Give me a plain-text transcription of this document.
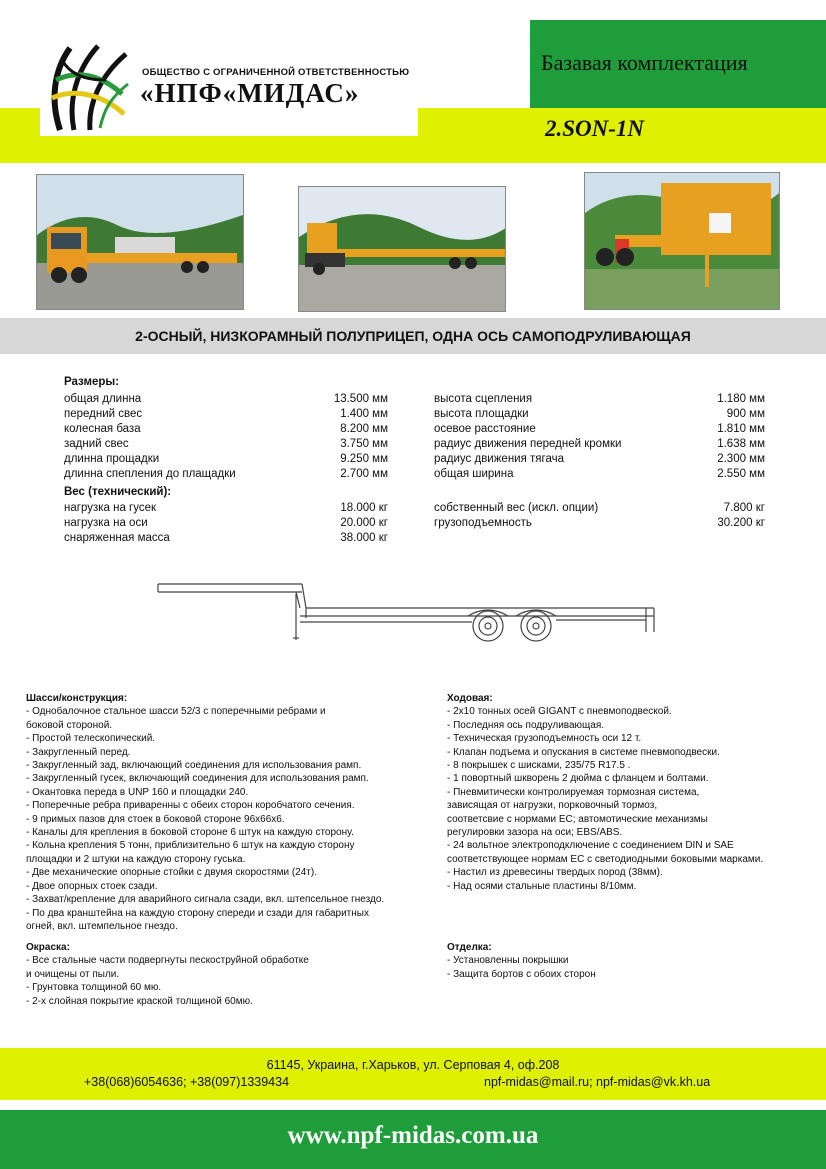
ОБЩЕСТВО С ОГРАНИЧЕННОЙ ОТВЕТСТВЕННОСТЬЮ
«НПФ«МИДАС»
Базавая комплектация
2.SON-1N
2-ОСНЫЙ, НИЗКОРАМНЫЙ ПОЛУПРИЦЕП, ОДНА ОСЬ САМОПОДРУЛИВАЮЩАЯ
Размеры:
общая длинна	13.500 мм
передний свес	1.400 мм
колесная база	8.200 мм
задний свес	3.750 мм
длинна прощадки	9.250 мм
длинна спепления до плащадки	2.700 мм
высота сцепления	1.180 мм
высота площадки	900 мм
осевое расстояние	1.810 мм
радиус движения передней кромки	1.638 мм
радиус движения тягача	2.300 мм
общая ширина	2.550 мм
Вес (технический):
нагрузка на гусек	18.000 кг
нагрузка на оси	20.000 кг
снаряженная масса	38.000 кг
собственный вес (искл. опции)	7.800 кг
грузоподъемность	30.200 кг
Шасси/конструкция:
- Однобалочное стальное шасси 52/3 с поперечными ребрами и
боковой стороной.
- Простой телескопический.
- Закругленный перед.
- Закругленный зад, включающий соединения для использования рамп.
- Закругленный гусек, включающий соединения для использования рамп.
- Окантовка переда в UNP 160 и площадки 240.
- Поперечные ребра приваренны с обеих сторон коробчатого сечения.
- 9 примых пазов для стоек в боковой стороне 96х66х6.
- Каналы для крепления в боковой стороне 6 штук на каждую сторону.
- Кольна крепления 5 тонн, приблизительно 6 штук на каждую сторону
площадки и 2 штуки на каждую сторону гуська.
- Две механические опорные стойки с двумя скоростями (24т).
- Двое опорных стоек сзади.
- Захват/крепление для аварийного сигнала сзади, вкл. штепсельное гнездо.
- По два кранштейна на каждую сторону спереди и сзади для габаритных
огней, вкл. штемпельное гнездо.
Ходовая:
- 2х10 тонных осей GIGANT с пневмоподвеской.
- Последняя ось подруливающая.
- Техническая грузоподъемность оси 12 т.
- Клапан подъема и опускания в системе пневмоподвески.
- 8 покрышек с шисками, 235/75 R17.5 .
- 1 повортный шкворень 2 дюйма с фланцем и болтами.
- Пневмитически контролируемая тормозная система,
зависящая от нагрузки, порковочный тормоз,
соответсвие с нормами ЕС; автомотические механизмы
регулировки зазора на оси; EBS/ABS.
- 24 вольтное электроподключение с соединением DIN и SAE
соответствующее нормам ЕС с светодиодными боковыми марками.
- Настил из древесины твердых пород (38мм).
- Над осями стальные пластины 8/10мм.
Окраска:
- Все стальные части подвергнуты пескоструйной обработке
и очищены от пыли.
- Грунтовка толщиной 60 мю.
- 2-х слойная покрытие краской толщиной 60мю.
Отделка:
- Установленны покрышки
- Защита бортов с обоих сторон
61145, Украина, г.Харьков, ул. Серповая 4, оф.208
+38(068)6054636; +38(097)1339434	npf-midas@mail.ru; npf-midas@vk.kh.ua
www.npf-midas.com.ua
